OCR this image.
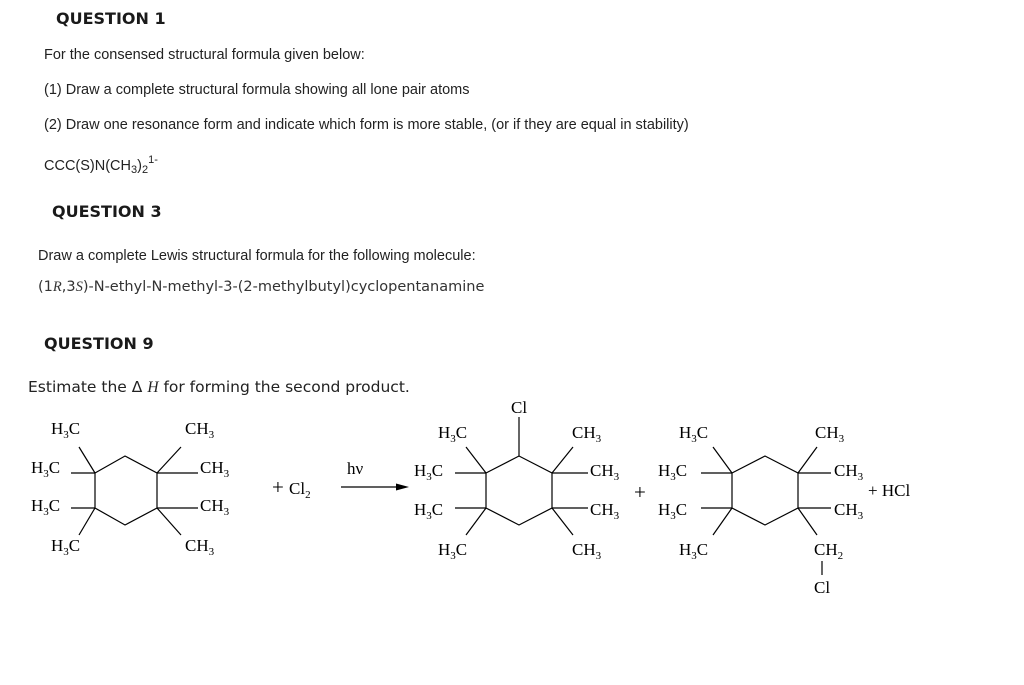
QUESTION 1
For the consensed structural formula given below:
(1) Draw a complete structural formula showing all lone pair atoms
(2) Draw one resonance form and indicate which form is more stable, (or if they are equal in stability)
$CCC(S)N(CH_3)_2^{1-}$
QUESTION 3
Draw a complete Lewis structural formula for the following molecule:
(1R,3S)-N-ethyl-N-methyl-3-(2-methylbutyl)cyclopentanamine
QUESTION 9
Estimate the Δ H for forming the second product.
$H_3C$
$H_3C$
$H_3C$
$H_3C$
$CH_3$
$CH_3$
$CH_3$
$CH_3$
+ $Cl_2$
hν
Cl
$H_3C$
$H_3C$
$H_3C$
$H_3C$
$CH_3$
$CH_3$
$CH_3$
$CH_3$
+
$H_3C$
$H_3C$
$H_3C$
$H_3C$
$CH_3$
$CH_3$
$CH_3$
$CH_2$
Cl
+ HCl
